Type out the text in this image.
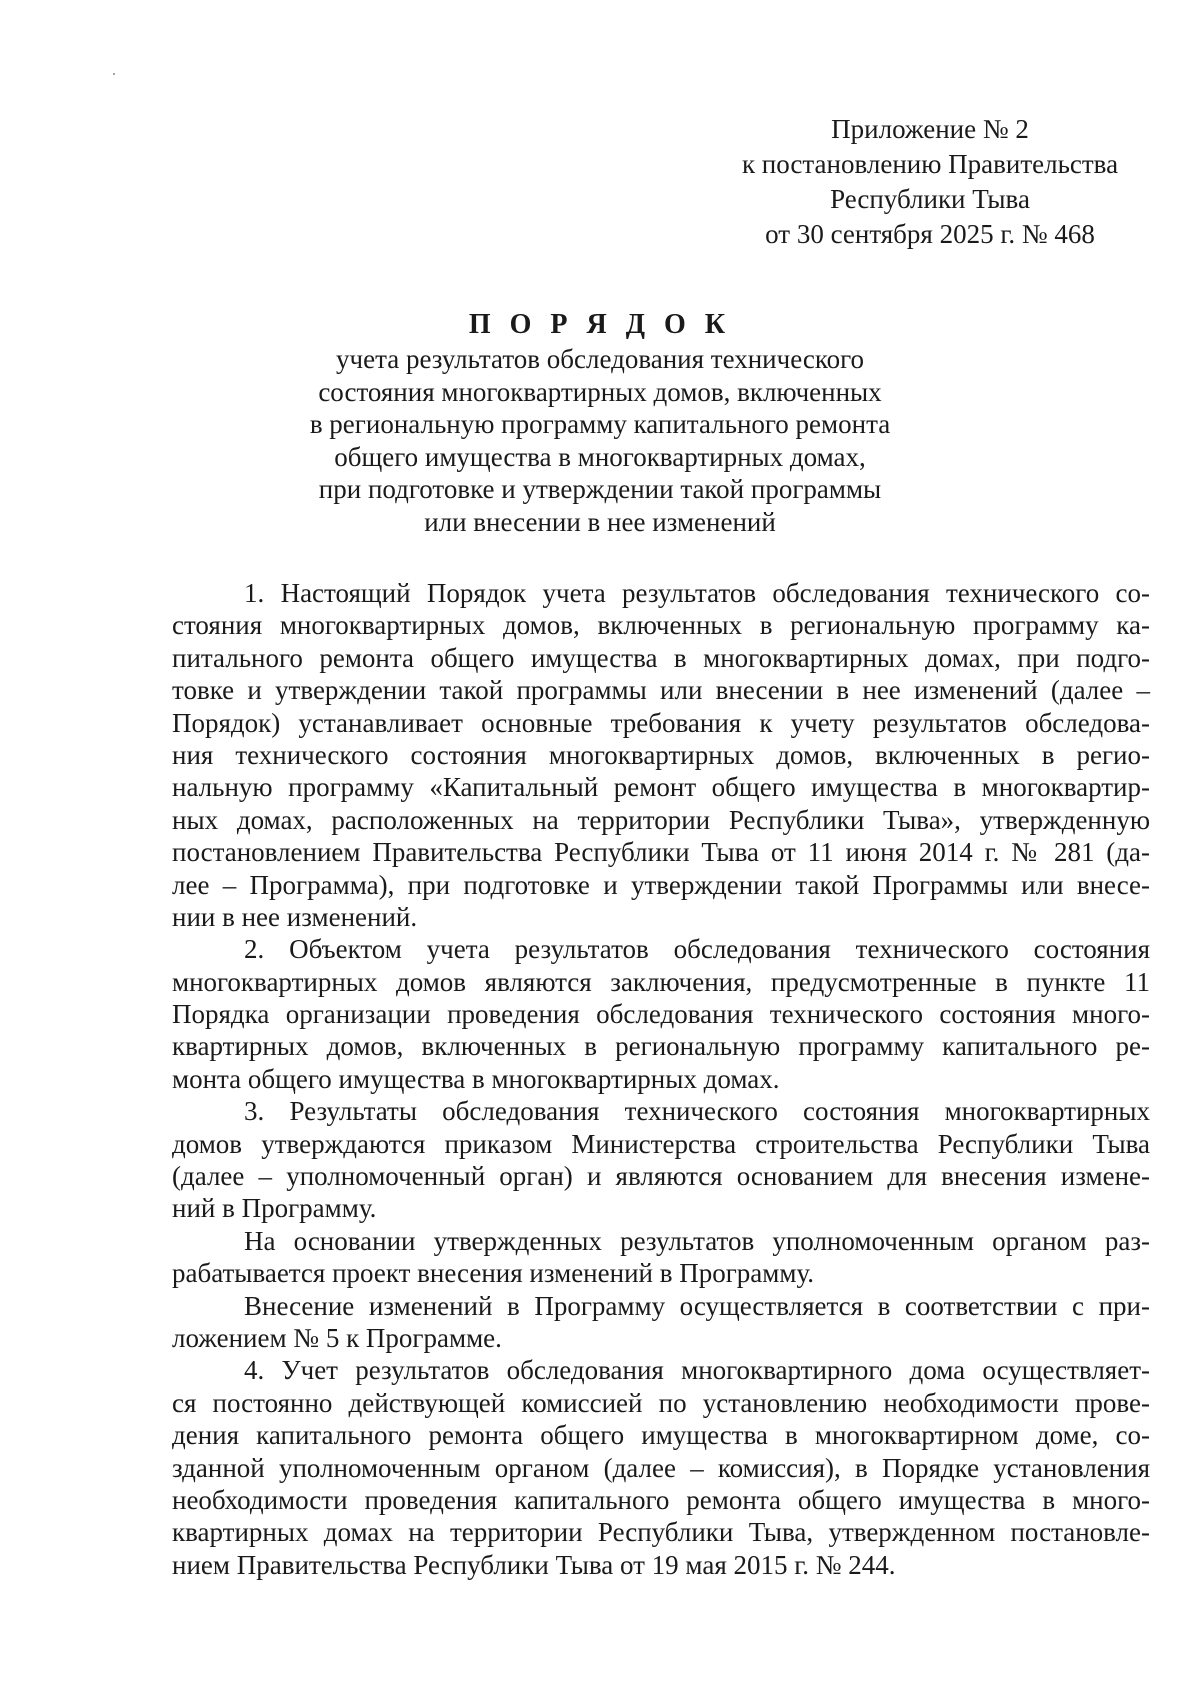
Приложение № 2
к постановлению Правительства
Республики Тыва
от 30 сентября 2025 г. № 468
П О Р Я Д О К
учета результатов обследования технического
состояния многоквартирных домов, включенных
в региональную программу капитального ремонта
общего имущества в многоквартирных домах,
при подготовке и утверждении такой программы
или внесении в нее изменений
1. Настоящий Порядок учета результатов обследования технического со-
стояния многоквартирных домов, включенных в региональную программу ка-
питального ремонта общего имущества в многоквартирных домах, при подго-
товке и утверждении такой программы или внесении в нее изменений (далее –
Порядок) устанавливает основные требования к учету результатов обследова-
ния технического состояния многоквартирных домов, включенных в регио-
нальную программу «Капитальный ремонт общего имущества в многоквартир-
ных домах, расположенных на территории Республики Тыва», утвержденную
постановлением Правительства Республики Тыва от 11 июня 2014 г. № 281 (да-
лее – Программа), при подготовке и утверждении такой Программы или внесе-
нии в нее изменений.
2. Объектом учета результатов обследования технического состояния
многоквартирных домов являются заключения, предусмотренные в пункте 11
Порядка организации проведения обследования технического состояния много-
квартирных домов, включенных в региональную программу капитального ре-
монта общего имущества в многоквартирных домах.
3. Результаты обследования технического состояния многоквартирных
домов утверждаются приказом Министерства строительства Республики Тыва
(далее – уполномоченный орган) и являются основанием для внесения измене-
ний в Программу.
На основании утвержденных результатов уполномоченным органом раз-
рабатывается проект внесения изменений в Программу.
Внесение изменений в Программу осуществляется в соответствии с при-
ложением № 5 к Программе.
4. Учет результатов обследования многоквартирного дома осуществляет-
ся постоянно действующей комиссией по установлению необходимости прове-
дения капитального ремонта общего имущества в многоквартирном доме, со-
зданной уполномоченным органом (далее – комиссия), в Порядке установления
необходимости проведения капитального ремонта общего имущества в много-
квартирных домах на территории Республики Тыва, утвержденном постановле-
нием Правительства Республики Тыва от 19 мая 2015 г. № 244.
